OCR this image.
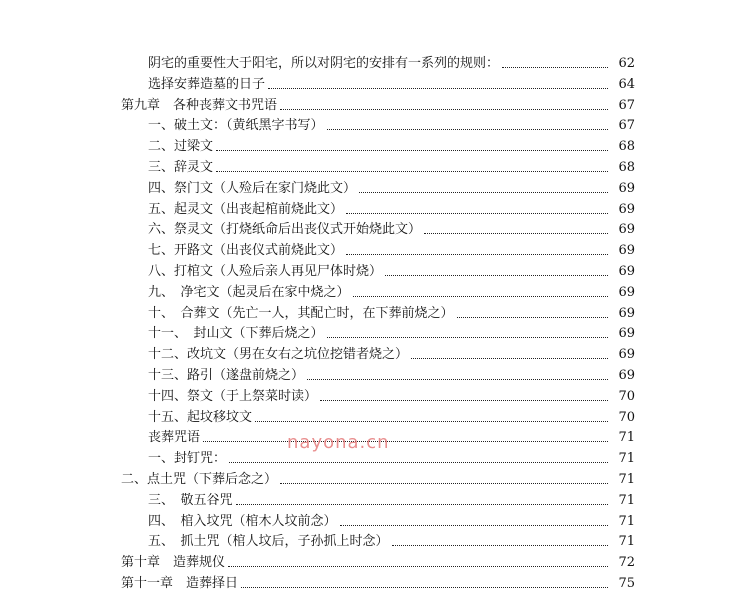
阴宅的重要性大于阳宅，所以对阴宅的安排有一系列的规则：	62
选择安葬造墓的日子	64
第九章　各种丧葬文书咒语	67
一、破土文：（黄纸黑字书写）	67
二、过梁文	68
三、辞灵文	68
四、祭门文（人殓后在家门烧此文）	69
五、起灵文（出丧起棺前烧此文）	69
六、祭灵文（打烧纸命后出丧仪式开始烧此文）	69
七、开路文（出丧仪式前烧此文）	69
八、打棺文（人殓后亲人再见尸体时烧）	69
九、　净宅文（起灵后在家中烧之）	69
十、　合葬文（先亡一人，其配亡时，在下葬前烧之）	69
十一、　封山文（下葬后烧之）	69
十二、改坑文（男在女右之坑位挖错者烧之）	69
十三、路引（遂盘前烧之）	69
十四、祭文（于上祭菜时读）	70
十五、起坟移坟文	70
丧葬咒语	71
一、封钉咒：	71
二、点土咒（下葬后念之）	71
三、　敬五谷咒	71
四、　棺入坟咒（棺木人坟前念）	71
五、　抓土咒（棺人坟后，子孙抓上时念）	71
第十章　造葬规仪	72
第十一章　造葬择日	75
nayona.cn
